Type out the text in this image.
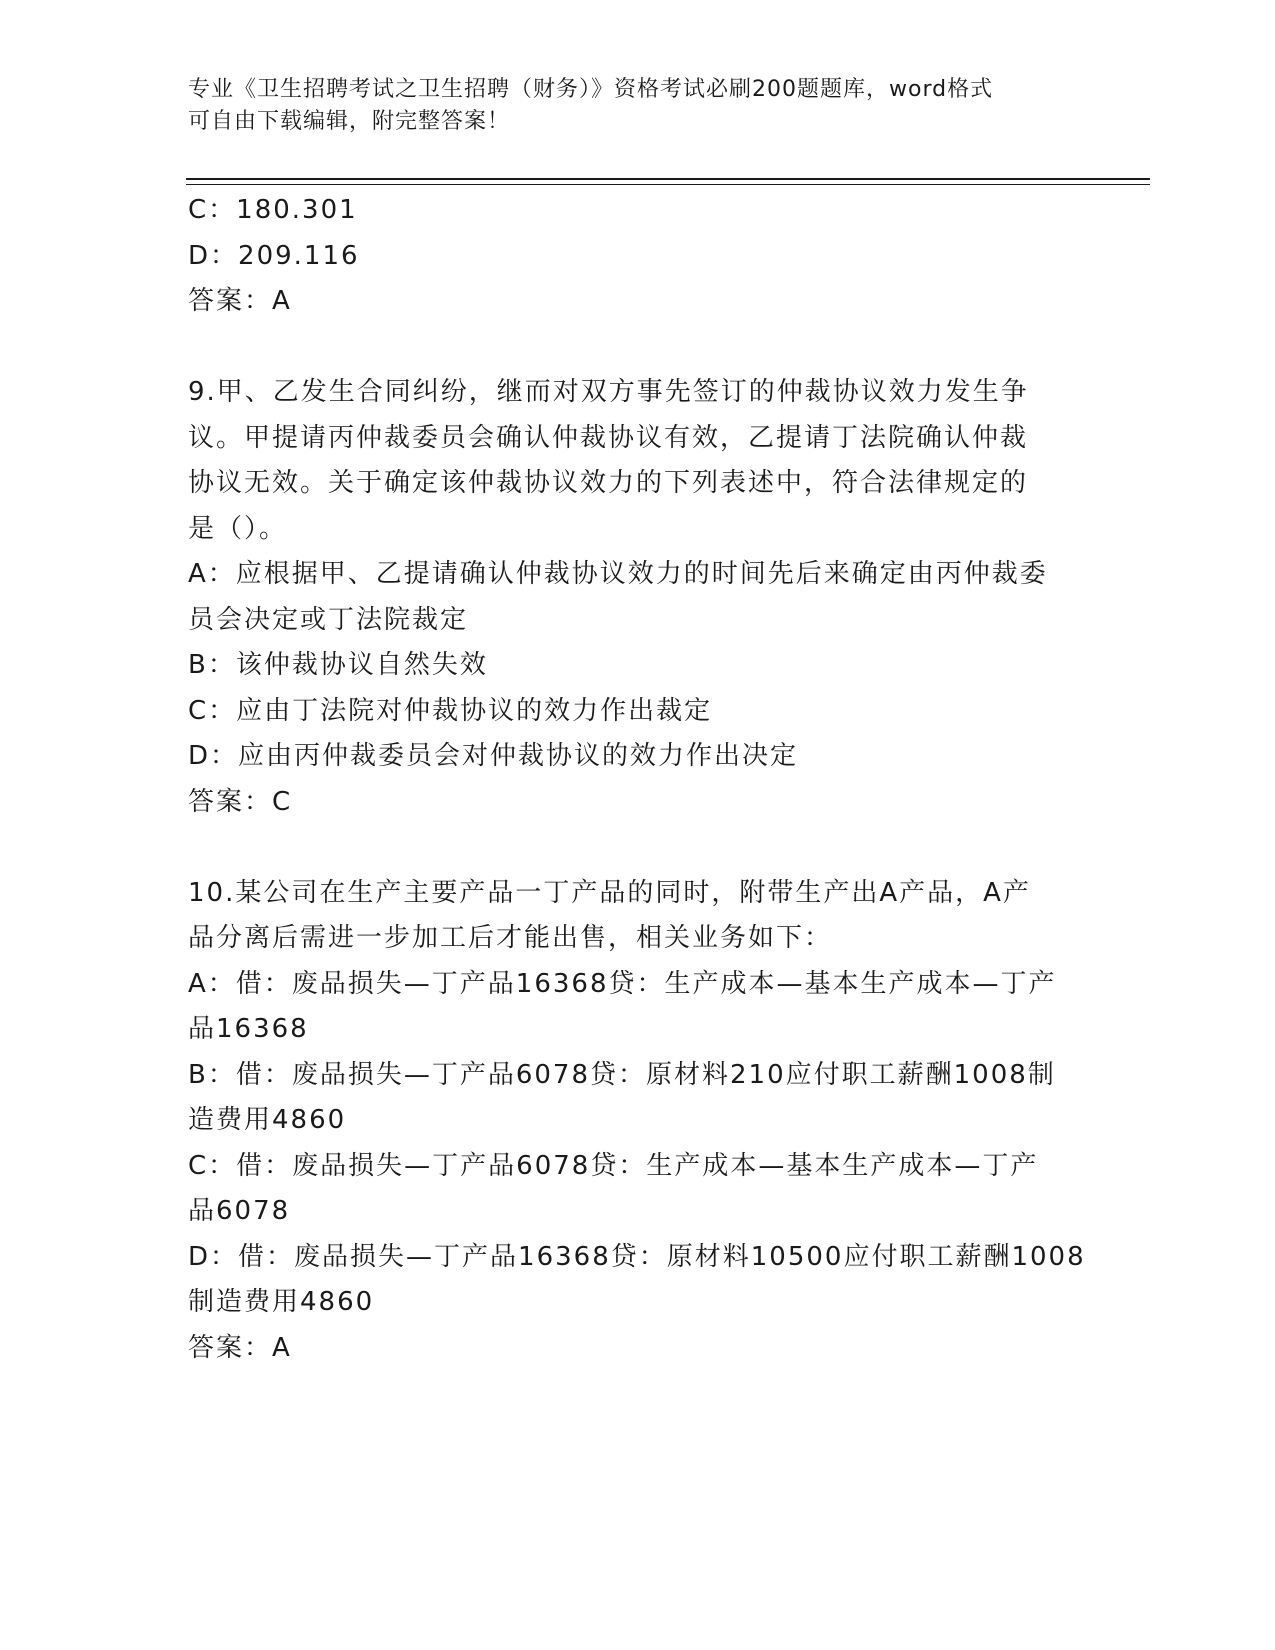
专业《卫生招聘考试之卫生招聘（财务）》资格考试必刷200题题库，word格式
可自由下载编辑，附完整答案！
C：180.301
D：209.116
答案：A
9.甲、乙发生合同纠纷，继而对双方事先签订的仲裁协议效力发生争
议。甲提请丙仲裁委员会确认仲裁协议有效，乙提请丁法院确认仲裁
协议无效。关于确定该仲裁协议效力的下列表述中，符合法律规定的
是（）。
A：应根据甲、乙提请确认仲裁协议效力的时间先后来确定由丙仲裁委
员会决定或丁法院裁定
B：该仲裁协议自然失效
C：应由丁法院对仲裁协议的效力作出裁定
D：应由丙仲裁委员会对仲裁协议的效力作出决定
答案：C
10.某公司在生产主要产品一丁产品的同时，附带生产出A产品，A产
品分离后需进一步加工后才能出售，相关业务如下：
A：借：废品损失—丁产品16368贷：生产成本—基本生产成本—丁产
品16368
B：借：废品损失—丁产品6078贷：原材料210应付职工薪酬1008制
造费用4860
C：借：废品损失—丁产品6078贷：生产成本—基本生产成本—丁产
品6078
D：借：废品损失—丁产品16368贷：原材料10500应付职工薪酬1008
制造费用4860
答案：A
